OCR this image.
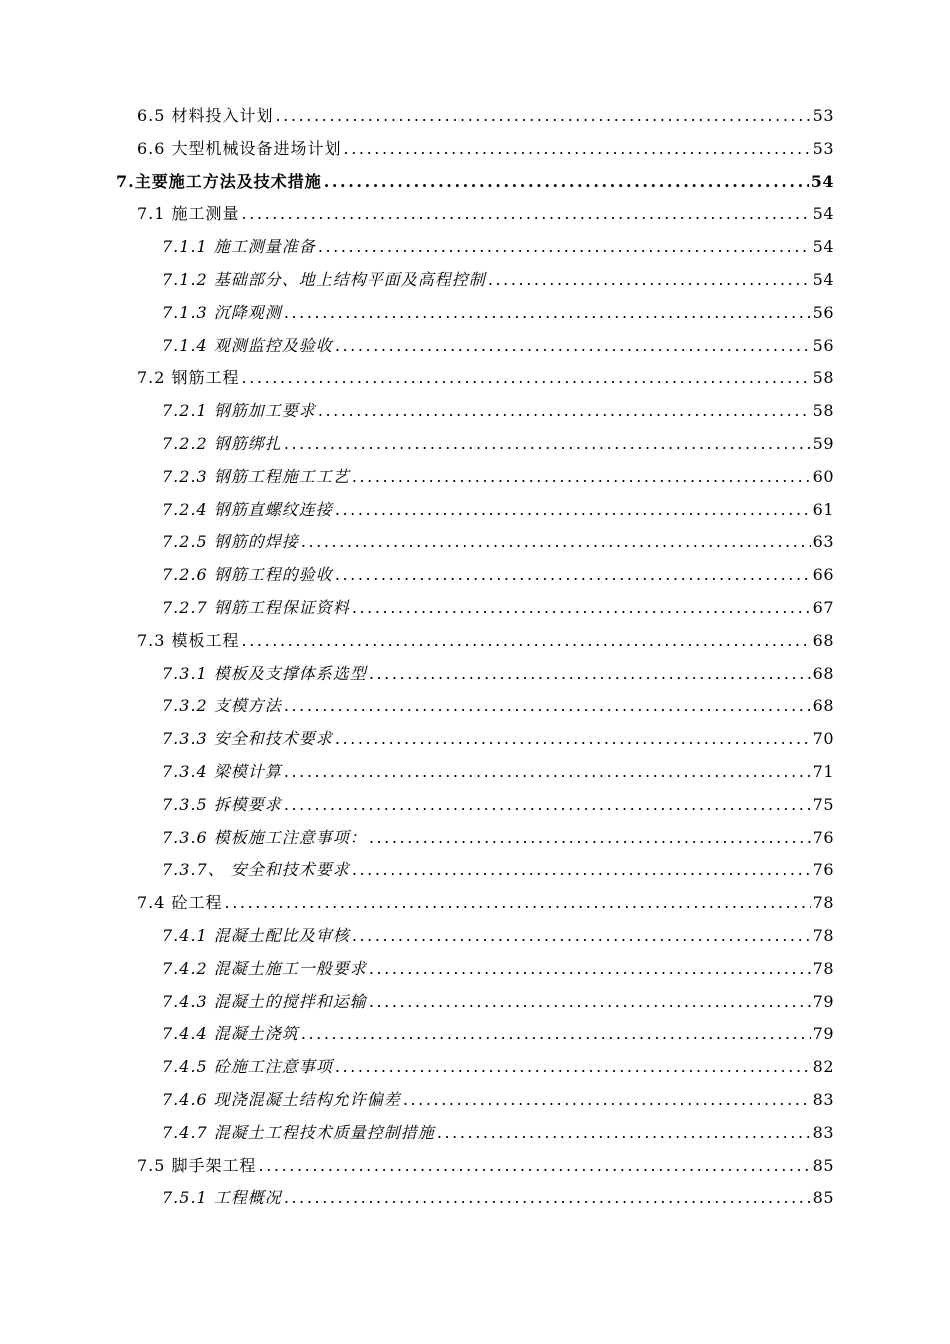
6.5 材料投入计划 .....	53
6.6 大型机械设备进场计划 .....	53
7.主要施工方法及技术措施 .....	54
7.1 施工测量 .....	54
7.1.1 施工测量准备 .....	54
7.1.2 基础部分、地上结构平面及高程控制 .....	54
7.1.3 沉降观测 .....	56
7.1.4 观测监控及验收 .....	56
7.2 钢筋工程 .....	58
7.2.1 钢筋加工要求 .....	58
7.2.2 钢筋绑扎 .....	59
7.2.3 钢筋工程施工工艺 .....	60
7.2.4 钢筋直螺纹连接 .....	61
7.2.5 钢筋的焊接 .....	63
7.2.6 钢筋工程的验收 .....	66
7.2.7 钢筋工程保证资料 .....	67
7.3 模板工程 .....	68
7.3.1 模板及支撑体系选型 .....	68
7.3.2 支模方法 .....	68
7.3.3 安全和技术要求 .....	70
7.3.4 梁模计算 .....	71
7.3.5 拆模要求 .....	75
7.3.6 模板施工注意事项： .....	76
7.3.7、 安全和技术要求 .....	76
7.4 砼工程 .....	78
7.4.1 混凝土配比及审核 .....	78
7.4.2 混凝土施工一般要求 .....	78
7.4.3 混凝土的搅拌和运输 .....	79
7.4.4 混凝土浇筑 .....	79
7.4.5 砼施工注意事项 .....	82
7.4.6 现浇混凝土结构允许偏差 .....	83
7.4.7 混凝土工程技术质量控制措施 .....	83
7.5 脚手架工程 .....	85
7.5.1 工程概况 .....	85
